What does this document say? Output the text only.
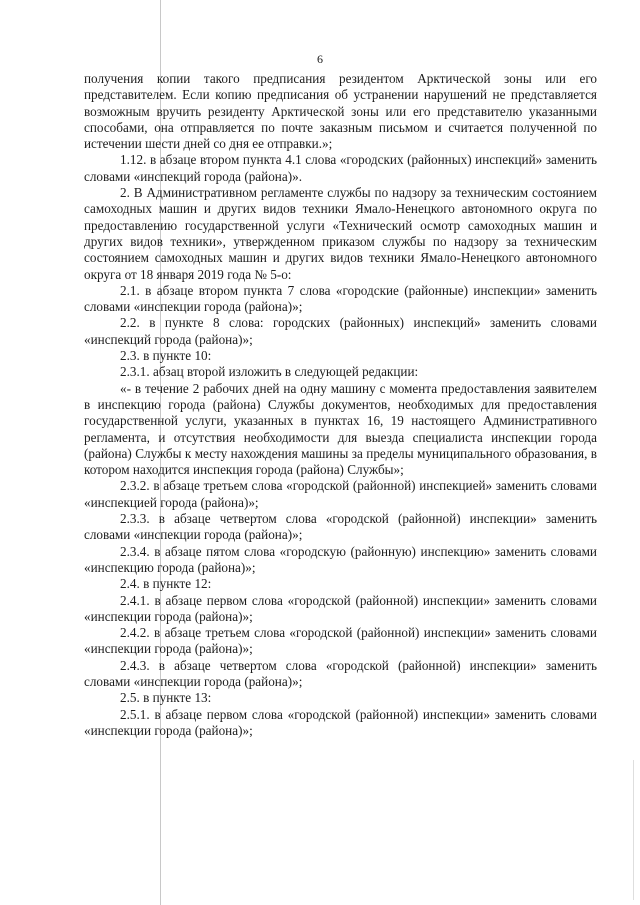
6

получения копии такого предписания резидентом Арктической зоны или его представителем. Если копию предписания об устранении нарушений не представляется возможным вручить резиденту Арктической зоны или его представителю указанными способами, она отправляется по почте заказным письмом и считается полученной по истечении шести дней со дня ее отправки.»;

1.12. в абзаце втором пункта 4.1 слова «городских (районных) инспекций» заменить словами «инспекций города (района)».

2. В Административном регламенте службы по надзору за техническим состоянием самоходных машин и других видов техники Ямало-Ненецкого автономного округа по предоставлению государственной услуги «Технический осмотр самоходных машин и других видов техники», утвержденном приказом службы по надзору за техническим состоянием самоходных машин и других видов техники Ямало-Ненецкого автономного округа от 18 января 2019 года № 5-о:

2.1. в абзаце втором пункта 7 слова «городские (районные) инспекции» заменить словами «инспекции города (района)»;

2.2. в пункте 8 слова: городских (районных) инспекций» заменить словами «инспекций города (района)»;

2.3. в пункте 10:

2.3.1. абзац второй изложить в следующей редакции:

«- в течение 2 рабочих дней на одну машину с момента предоставления заявителем в инспекцию города (района) Службы документов, необходимых для предоставления государственной услуги, указанных в пунктах 16, 19 настоящего Административного регламента, и отсутствия необходимости для выезда специалиста инспекции города (района) Службы к месту нахождения машины за пределы муниципального образования, в котором находится инспекция города (района) Службы»;

2.3.2. в абзаце третьем слова «городской (районной) инспекцией» заменить словами «инспекцией города (района)»;

2.3.3. в абзаце четвертом слова «городской (районной) инспекции» заменить словами «инспекции города (района)»;

2.3.4. в абзаце пятом слова «городскую (районную) инспекцию» заменить словами «инспекцию города (района)»;

2.4. в пункте 12:

2.4.1. в абзаце первом слова «городской (районной) инспекции» заменить словами «инспекции города (района)»;

2.4.2. в абзаце третьем слова «городской (районной) инспекции» заменить словами «инспекции города (района)»;

2.4.3. в абзаце четвертом слова «городской (районной) инспекции» заменить словами «инспекции города (района)»;

2.5. в пункте 13:

2.5.1. в абзаце первом слова «городской (районной) инспекции» заменить словами «инспекции города (района)»;
